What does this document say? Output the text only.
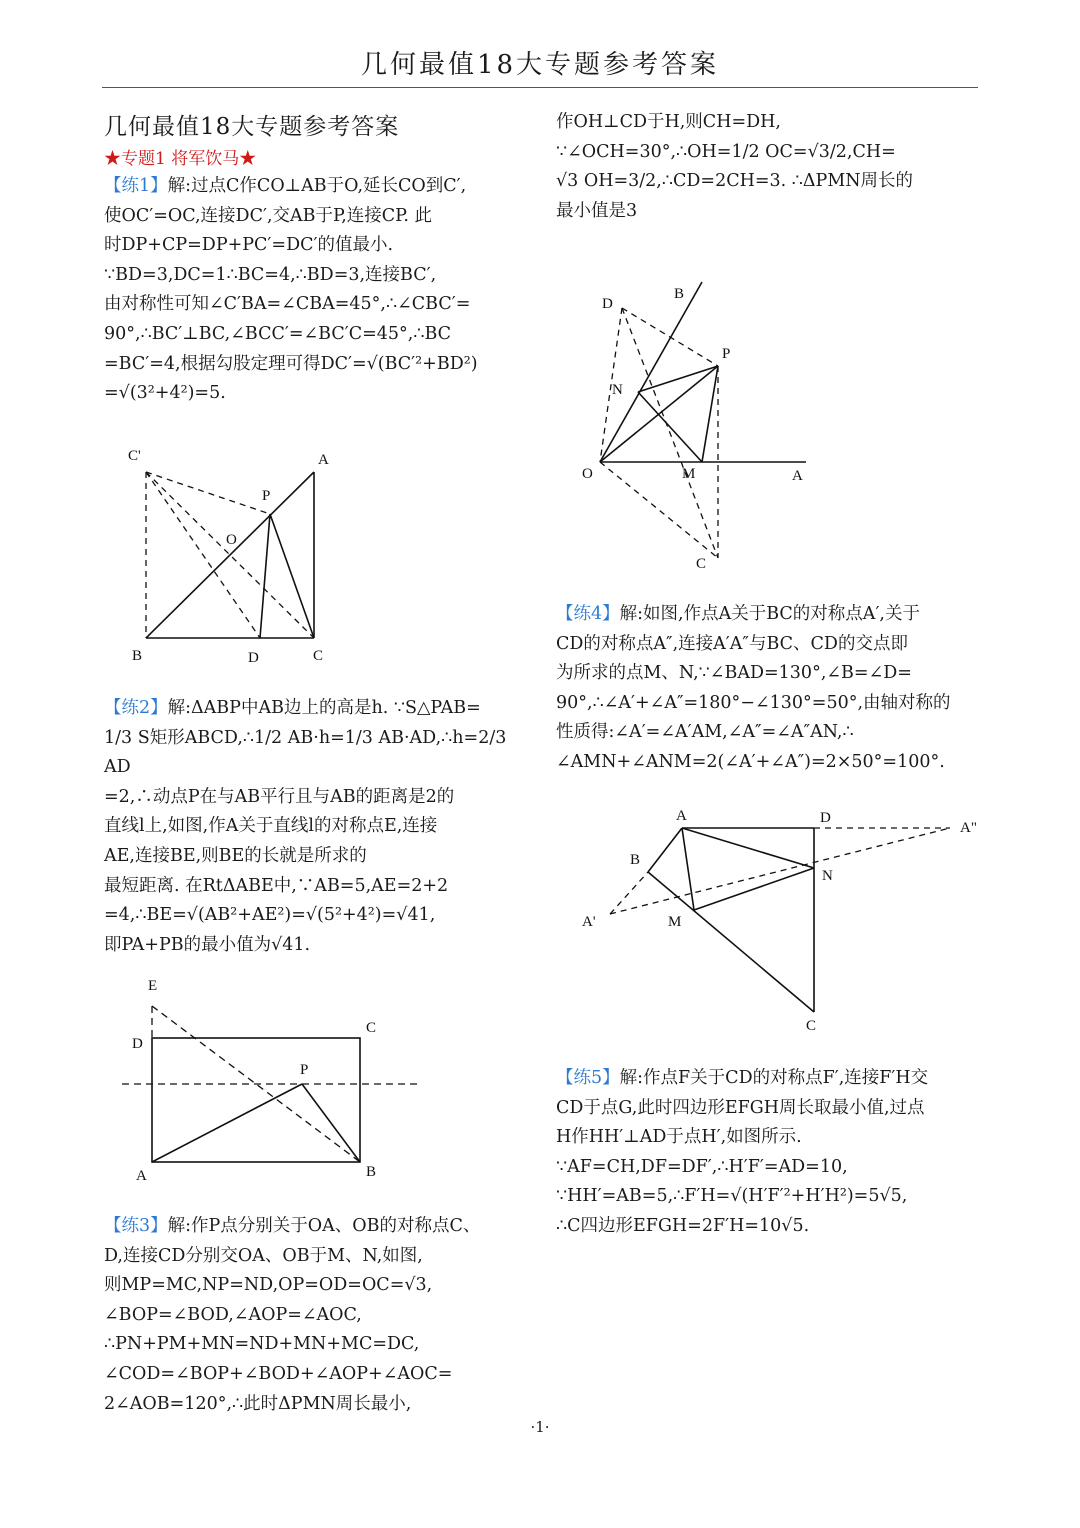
几何最值18大专题参考答案
几何最值18大专题参考答案
★专题1 将军饮马★

【练1】解:过点C作CO⊥AB于O,延长CO到C′,

使OC′=OC,连接DC′,交AB于P,连接CP. 此

时DP+CP=DP+PC′=DC′的值最小.

∵BD=3,DC=1∴BC=4,∴BD=3,连接BC′,

由对称性可知∠C′BA=∠CBA=45°,∴∠CBC′=

90°,∴BC′⊥BC,∠BCC′=∠BC′C=45°,∴BC

=BC′=4,根据勾股定理可得DC′=√(BC′²+BD²)

=√(3²+4²)=5.

C'	A
P
O
B	D	C

【练2】解:ΔABP中AB边上的高是h. ∵S△PAB=

1/3 S矩形ABCD,∴1/2 AB·h=1/3 AB·AD,∴h=2/3 AD

=2,∴动点P在与AB平行且与AB的距离是2的

直线l上,如图,作A关于直线l的对称点E,连接

AE,连接BE,则BE的长就是所求的

最短距离. 在RtΔABE中,∵AB=5,AE=2+2

=4,∴BE=√(AB²+AE²)=√(5²+4²)=√41,

即PA+PB的最小值为√41.

E
D
C
P
A	B

【练3】解:作P点分别关于OA、OB的对称点C、

D,连接CD分别交OA、OB于M、N,如图,

则MP=MC,NP=ND,OP=OD=OC=√3,

∠BOP=∠BOD,∠AOP=∠AOC,

∴PN+PM+MN=ND+MN+MC=DC,

∠COD=∠BOP+∠BOD+∠AOP+∠AOC=

2∠AOB=120°,∴此时ΔPMN周长最小,

作OH⊥CD于H,则CH=DH,

∵∠OCH=30°,∴OH=1/2 OC=√3/2,CH=

√3 OH=3/2,∴CD=2CH=3. ∴ΔPMN周长的

最小值是3

D
B
P
N
O	M	A
C

【练4】解:如图,作点A关于BC的对称点A′,关于

CD的对称点A″,连接A′A″与BC、CD的交点即

为所求的点M、N,∵∠BAD=130°,∠B=∠D=

90°,∴∠A′+∠A″=180°−∠130°=50°,由轴对称的

性质得:∠A′=∠A′AM,∠A″=∠A″AN,∴

∠AMN+∠ANM=2(∠A′+∠A″)=2×50°=100°.

A	D
A"
B
N
A'	M
C

【练5】解:作点F关于CD的对称点F′,连接F′H交

CD于点G,此时四边形EFGH周长取最小值,过点

H作HH′⊥AD于点H′,如图所示.

∵AF=CH,DF=DF′,∴H′F′=AD=10,

∵HH′=AB=5,∴F′H=√(H′F′²+H′H²)=5√5,

∴C四边形EFGH=2F′H=10√5.

·1·
